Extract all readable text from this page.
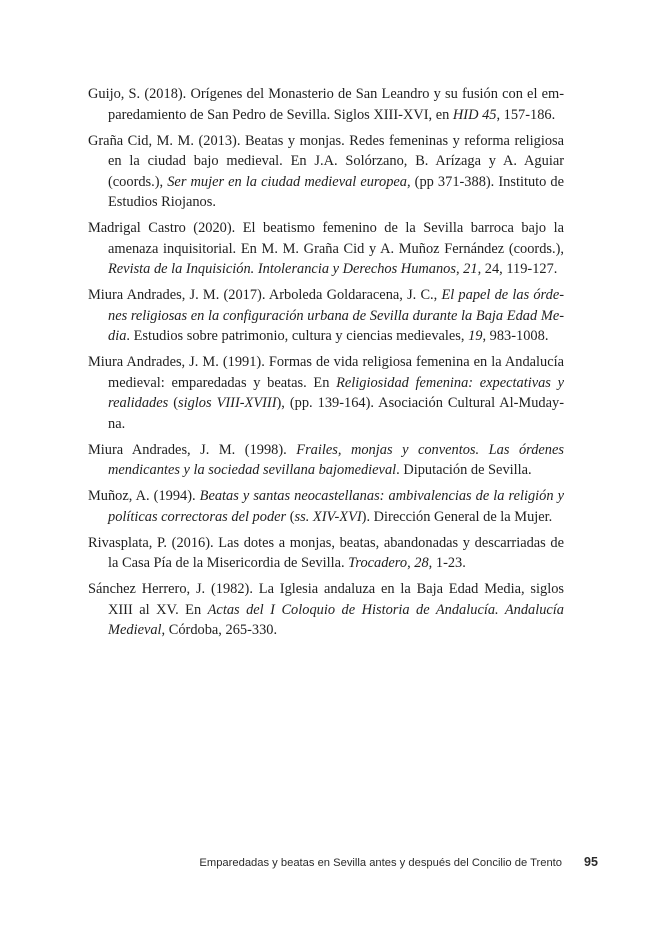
Guijo, S. (2018). Orígenes del Monasterio de San Leandro y su fusión con el emparedamiento de San Pedro de Sevilla. Siglos XIII-XVI, en HID 45, 157-186.
Graña Cid, M. M. (2013). Beatas y monjas. Redes femeninas y reforma religiosa en la ciudad bajo medieval. En J.A. Solórzano, B. Arízaga y A. Aguiar (coords.), Ser mujer en la ciudad medieval europea, (pp 371-388). Instituto de Estudios Riojanos.
Madrigal Castro (2020). El beatismo femenino de la Sevilla barroca bajo la amenaza inquisitorial. En M. M. Graña Cid y A. Muñoz Fernández (coords.), Revista de la Inquisición. Intolerancia y Derechos Humanos, 21, 24, 119-127.
Miura Andrades, J. M. (2017). Arboleda Goldaracena, J. C., El papel de las órdenes religiosas en la configuración urbana de Sevilla durante la Baja Edad Media. Estudios sobre patrimonio, cultura y ciencias medievales, 19, 983-1008.
Miura Andrades, J. M. (1991). Formas de vida religiosa femenina en la Andalucía medieval: emparedadas y beatas. En Religiosidad femenina: expectativas y realidades (siglos VIII-XVIII), (pp. 139-164). Asociación Cultural Al-Mudayna.
Miura Andrades, J. M. (1998). Frailes, monjas y conventos. Las órdenes mendicantes y la sociedad sevillana bajomedieval. Diputación de Sevilla.
Muñoz, A. (1994). Beatas y santas neocastellanas: ambivalencias de la religión y políticas correctoras del poder (ss. XIV-XVI). Dirección General de la Mujer.
Rivasplata, P. (2016). Las dotes a monjas, beatas, abandonadas y descarriadas de la Casa Pía de la Misericordia de Sevilla. Trocadero, 28, 1-23.
Sánchez Herrero, J. (1982). La Iglesia andaluza en la Baja Edad Media, siglos XIII al XV. En Actas del I Coloquio de Historia de Andalucía. Andalucía Medieval, Córdoba, 265-330.
Emparedadas y beatas en Sevilla antes y después del Concilio de Trento 95
